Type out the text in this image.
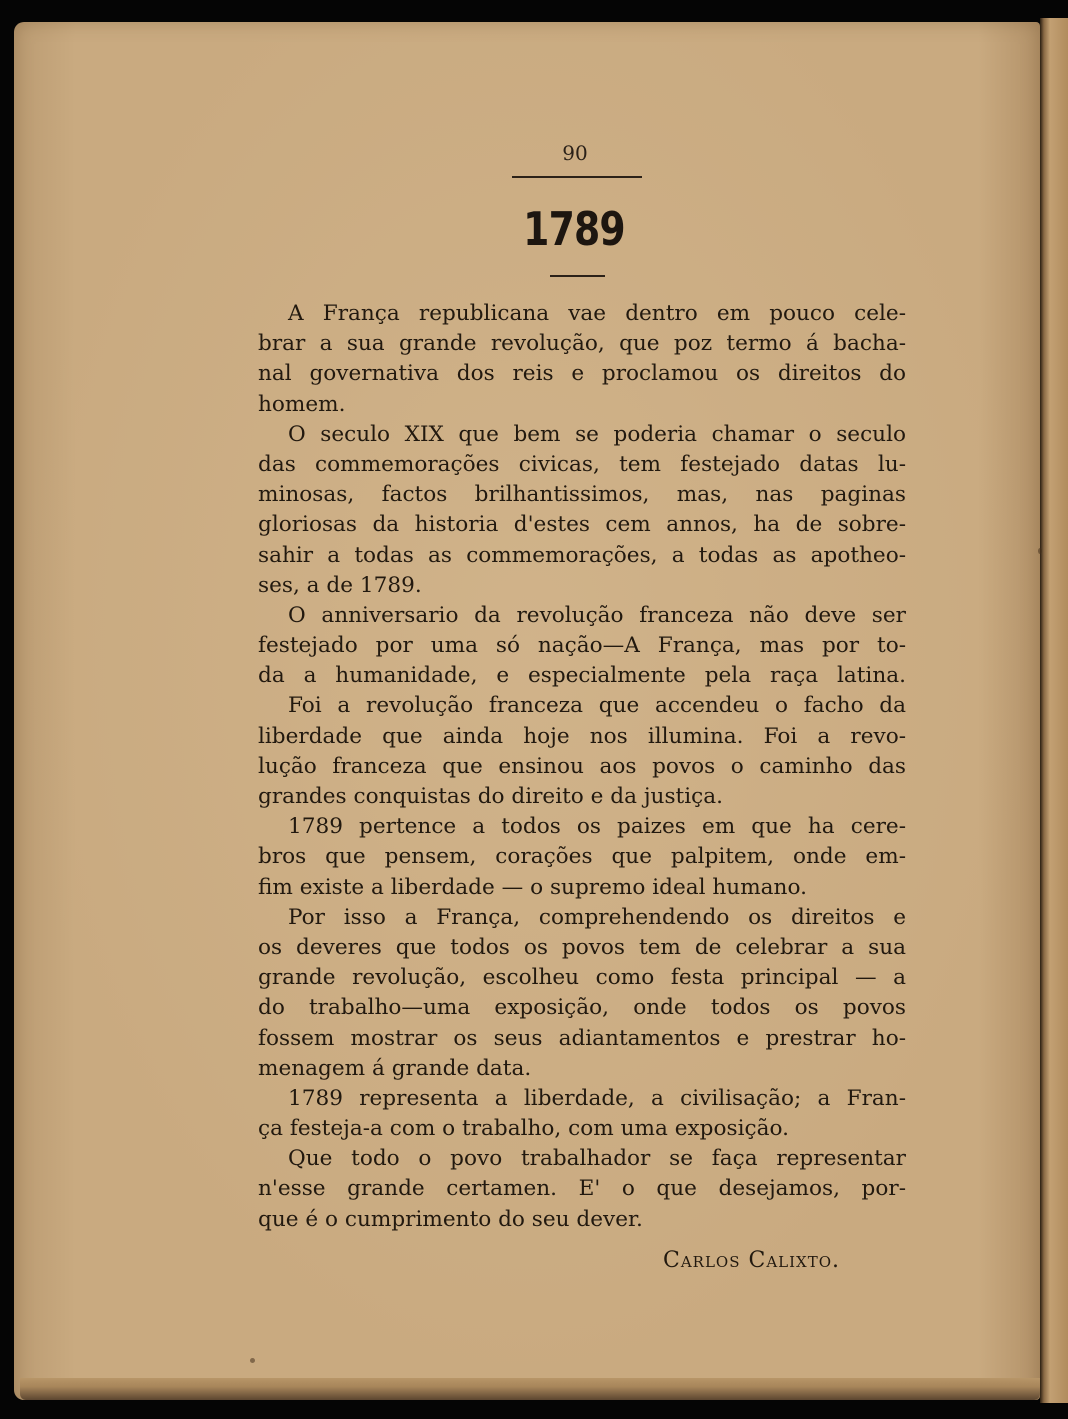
90
1789
A França republicana vae dentro em pouco cele-
brar a sua grande revolução, que poz termo á bacha-
nal governativa dos reis e proclamou os direitos do
homem.
O seculo XIX que bem se poderia chamar o seculo
das commemorações civicas, tem festejado datas lu-
minosas, factos brilhantissimos, mas, nas paginas
gloriosas da historia d'estes cem annos, ha de sobre-
sahir a todas as commemorações, a todas as apotheo-
ses, a de 1789.
O anniversario da revolução franceza não deve ser
festejado por uma só nação—A França, mas por to-
da a humanidade, e especialmente pela raça latina.
Foi a revolução franceza que accendeu o facho da
liberdade que ainda hoje nos illumina. Foi a revo-
lução franceza que ensinou aos povos o caminho das
grandes conquistas do direito e da justiça.
1789 pertence a todos os paizes em que ha cere-
bros que pensem, corações que palpitem, onde em-
fim existe a liberdade — o supremo ideal humano.
Por isso a França, comprehendendo os direitos e
os deveres que todos os povos tem de celebrar a sua
grande revolução, escolheu como festa principal — a
do trabalho—uma exposição, onde todos os povos
fossem mostrar os seus adiantamentos e prestrar ho-
menagem á grande data.
1789 representa a liberdade, a civilisação; a Fran-
ça festeja-a com o trabalho, com uma exposição.
Que todo o povo trabalhador se faça representar
n'esse grande certamen. E' o que desejamos, por-
que é o cumprimento do seu dever.
Carlos Calixto.
